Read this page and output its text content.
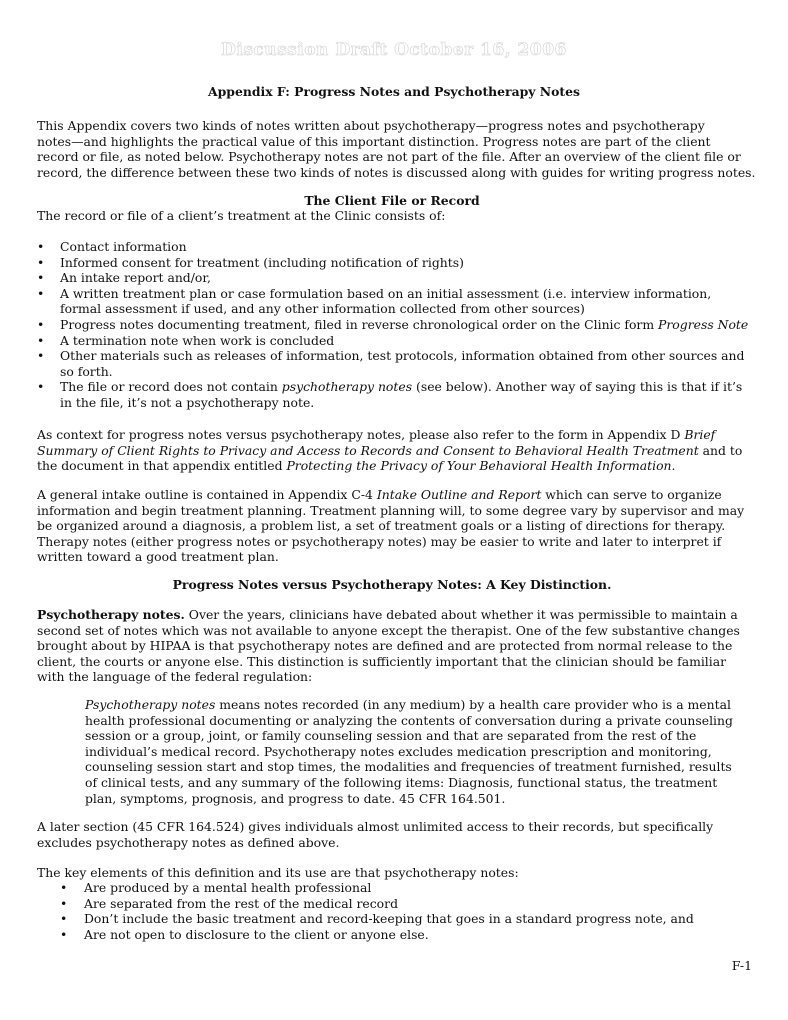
Discussion Draft October 16, 2006
Appendix F: Progress Notes and Psychotherapy Notes
This Appendix covers two kinds of notes written about psychotherapy—progress notes and psychotherapy
notes—and highlights the practical value of this important distinction. Progress notes are part of the client
record or file, as noted below. Psychotherapy notes are not part of the file. After an overview of the client file or
record, the difference between these two kinds of notes is discussed along with guides for writing progress notes.
The Client File or Record
The record or file of a client’s treatment at the Clinic consists of:
• Contact information
• Informed consent for treatment (including notification of rights)
• An intake report and/or,
• A written treatment plan or case formulation based on an initial assessment (i.e. interview information,
formal assessment if used, and any other information collected from other sources)
• Progress notes documenting treatment, filed in reverse chronological order on the Clinic form Progress Note
• A termination note when work is concluded
• Other materials such as releases of information, test protocols, information obtained from other sources and
so forth.
• The file or record does not contain psychotherapy notes (see below). Another way of saying this is that if it’s
in the file, it’s not a psychotherapy note.
As context for progress notes versus psychotherapy notes, please also refer to the form in Appendix D Brief
Summary of Client Rights to Privacy and Access to Records and Consent to Behavioral Health Treatment and to
the document in that appendix entitled Protecting the Privacy of Your Behavioral Health Information.
A general intake outline is contained in Appendix C-4 Intake Outline and Report which can serve to organize
information and begin treatment planning. Treatment planning will, to some degree vary by supervisor and may
be organized around a diagnosis, a problem list, a set of treatment goals or a listing of directions for therapy.
Therapy notes (either progress notes or psychotherapy notes) may be easier to write and later to interpret if
written toward a good treatment plan.
Progress Notes versus Psychotherapy Notes: A Key Distinction.
Psychotherapy notes. Over the years, clinicians have debated about whether it was permissible to maintain a
second set of notes which was not available to anyone except the therapist. One of the few substantive changes
brought about by HIPAA is that psychotherapy notes are defined and are protected from normal release to the
client, the courts or anyone else. This distinction is sufficiently important that the clinician should be familiar
with the language of the federal regulation:
Psychotherapy notes means notes recorded (in any medium) by a health care provider who is a mental
health professional documenting or analyzing the contents of conversation during a private counseling
session or a group, joint, or family counseling session and that are separated from the rest of the
individual’s medical record. Psychotherapy notes excludes medication prescription and monitoring,
counseling session start and stop times, the modalities and frequencies of treatment furnished, results
of clinical tests, and any summary of the following items: Diagnosis, functional status, the treatment
plan, symptoms, prognosis, and progress to date. 45 CFR 164.501.
A later section (45 CFR 164.524) gives individuals almost unlimited access to their records, but specifically
excludes psychotherapy notes as defined above.
The key elements of this definition and its use are that psychotherapy notes:
• Are produced by a mental health professional
• Are separated from the rest of the medical record
• Don’t include the basic treatment and record-keeping that goes in a standard progress note, and
• Are not open to disclosure to the client or anyone else.
F-1
